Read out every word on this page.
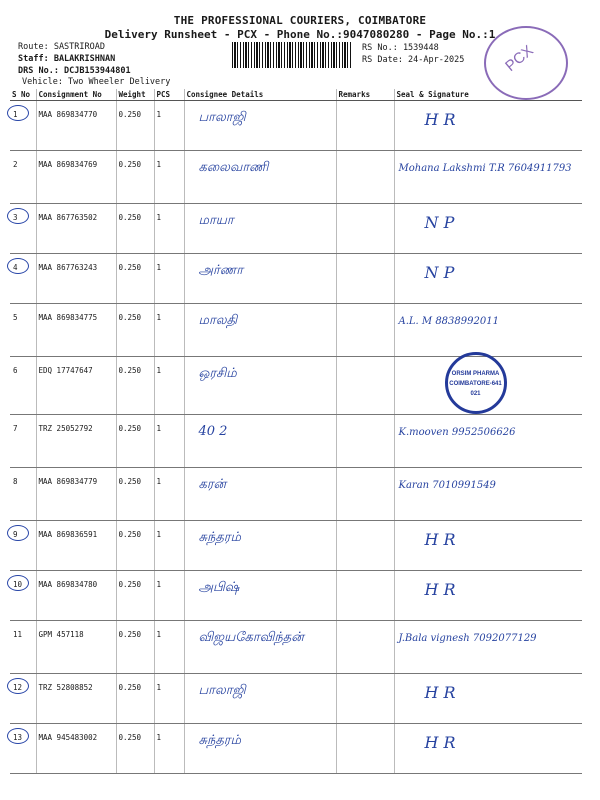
THE PROFESSIONAL COURIERS, COIMBATORE
Delivery Runsheet - PCX - Phone No.:9047080280 - Page No.:1
Route: SASTRIROAD
Staff: BALAKRISHNAN
DRS No.: DCJB153944801
Vehicle: Two Wheeler Delivery
RS No.: 1539448
RS Date: 24-Apr-2025	PCX
S No	Consignment No	Weight	PCS	Consignee Details	Remarks	Seal & Signature

1	MAA 869834770	0.250	1	பாலாஜி		H R
2	MAA 869834769	0.250	1	கலைவாணி		Mohana Lakshmi T.R 7604911793

3	MAA 867763502	0.250	1	மாயா		N P

4	MAA 867763243	0.250	1	அர்ணா		N P
5	MAA 869834775	0.250	1	மாலதி		A.L. M 8838992011
6	EDQ 17747647	0.250	1	ஒரசிம்		ORSIM PHARMA
COIMBATORE-641 021

7	TRZ 25052792	0.250	1	40 2		K.mooven 9952506626
8	MAA 869834779	0.250	1	கரன்		Karan 7010991549

9	MAA 869836591	0.250	1	சுந்தரம்		H R

10	MAA 869834780	0.250	1	அபிஷ்		H R
11	GPM 457118	0.250	1	விஜயகோவிந்தன்		J.Bala vignesh 7092077129

12	TRZ 52808852	0.250	1	பாலாஜி		H R

13	MAA 945483002	0.250	1	சுந்தரம்		H R
